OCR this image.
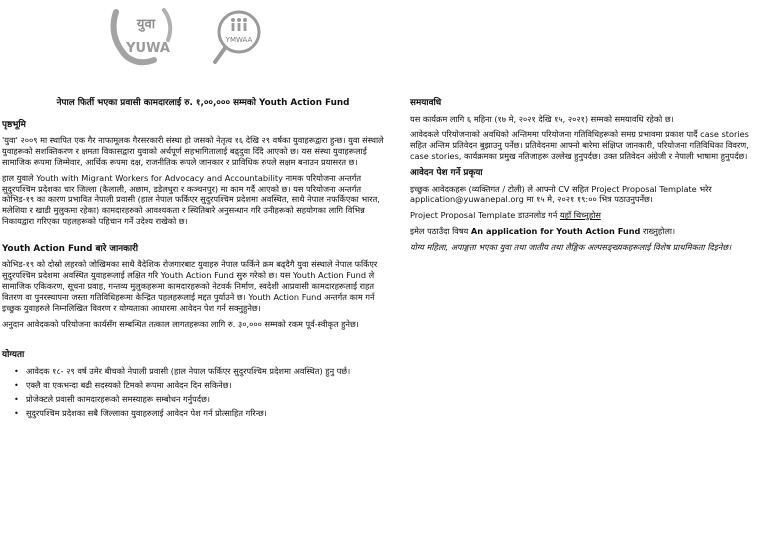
युवा
YUWA
YMWAA
नेपाल फिर्ती भएका प्रवासी कामदारलाई रु. १,००,००० सम्मको Youth Action Fund
पृष्ठभूमि

'युवा' २००९ मा स्थापित एक गैर नाफामूलक गैरसरकारी संस्था हो जसको नेतृत्व १६ देखि २९ वर्षका युवाहरूद्वारा हुन्छ। युवा संस्थाले युवाहरूको सशक्तिकरण र क्षमता विकासद्वारा युवाको अर्थपूर्ण सहभागितालाई बढ्दुवा दिँदै आएको छ। यस संस्था युवाहरूलाई सामाजिक रूपमा जिम्मेवार, आर्थिक रूपमा दक्ष, राजनीतिक रूपले जानकार र प्राविधिक रुपले सक्षम बनाउन प्रयासरत छ।

हाल युवाले Youth with Migrant Workers for Advocacy and Accountability नामक परियोजना अन्तर्गत सुदुरपश्चिम प्रदेशका चार जिल्ला (कैलाली, अछाम, डडेलधुरा र कञ्चनपुर) मा काम गर्दै आएको छ। यस परियोजना अन्तर्गत कोभिड-१९ का कारण प्रभावित नेपाली प्रवासी (हाल नेपाल फर्किएर सुदुरपश्चिम प्रदेशमा अवस्थित, साथै नेपाल नफर्किएका भारत, मलेशिया र खाडी मुलुकमा रहेका) कामदारहरुको आवश्यकता र स्थितिबारे अनुसन्धान गरि उनीहरूको सहयोगका लागि विभिन्न निकायद्वारा गरिएका पहलहरूको पहिचान गर्ने उदेश्य राखेको छ।

Youth Action Fund बारे जानकारी

कोभिड-१९ को दोस्रो लहरको जोखिमका साथै वैदेशिक रोजगारबाट युवाहरु नेपाल फर्किने क्रम बढ्दैगै युवा संस्थाले नेपाल फर्किएर सुदुरपश्चिम प्रदेशमा अवस्थित युवाहरूलाई लक्षित गरि Youth Action Fund सुरु गरेको छ। यस Youth Action Fund ले सामाजिक एकिकरण, सूचना प्रवाह, गन्तव्य मुलुकहरूमा कामदारहरूको नेटवर्क निर्माण, स्वदेशी आप्रवासी कामदारहरूलाई राहत वितरण वा पुनरस्थापना जस्ता गतिविधिहरूमा केन्द्रित पहलहरूलाई मद्दत पुर्याउने छ। Youth Action Fund अन्तर्गत काम गर्न इच्छुक युवाहरुले निम्नलिखित विवरण र योग्यताका आधारमा आवेदन पेश गर्न सक्नुहुनेछ।

अनुदान आवेदकको परियोजना कार्यसँग सम्बन्धित तत्काल लागतहरूका लागि रु. ३०,००० सम्मको रकम पूर्व-स्वीकृत हुनेछ।

योग्यता
• आवेदक १८- २९ वर्ष उमेर बीचको नेपाली प्रवासी (हाल नेपाल फर्किएर सुदुरपश्चिम प्रदेशमा अवस्थित) हुनु पर्छ।
• एक्लै वा एकभन्दा बढी सदस्यको टिमको रूपमा आवेदन दिन सकिनेछ।
• प्रोजेक्टले प्रवासी कामदारहरूको समस्याहरू सम्बोधन गर्नुपर्दछ।
• सुदुरपश्चिम प्रदेशका सबै जिल्लाका युवाहरुलाई आवेदन पेश गर्न प्रोत्साहित गरिन्छ।
समयावधि

यस कार्यक्रम लागि ६ महिना (१७ मे, २०२१ देखि १५, २०२१) सम्मको समयावधि रहेको छ।

आवेदकले परियोजनाको अवधिको अन्तिममा परियोजना गतिविधिहरूको समग्र प्रभावमा प्रकाश पार्दै case stories सहित अन्तिम प्रतिवेदन बुझाउनु पर्नेछ। प्रतिवेदनमा आफ्नो बारेमा संक्षिप्त जानकारी, परियोजना गतिविधिका विवरण, case stories, कार्यक्रमका प्रमुख नतिजाहरू उल्लेख हुनुपर्दछ। उक्त प्रतिवेदन अंग्रेजी र नेपाली भाषामा हुनुपर्दछ।

आवेदन पेश गर्ने प्रकृया

इच्छुक आवेदकहरू (व्यक्तिगत / टोली) ले आफ्नो CV सहित Project Proposal Template भरेर application@yuwanepal.org मा १५ मे, २०२१ १९:०० भित्र पठाउनुपर्नेछ।

Project Proposal Template डाउनलोड गर्न यहाँ थिच्नुहोस

इमेल पठाउँदा विषय An application for Youth Action Fund राख्नुहोला।

योग्य महिला, अपाङ्गता भएका युवा तथा जातीय तथा लैङ्गिक अल्पसङ्ख्यकहरूलाई विशेष प्राथमिकता दिइनेछ।
